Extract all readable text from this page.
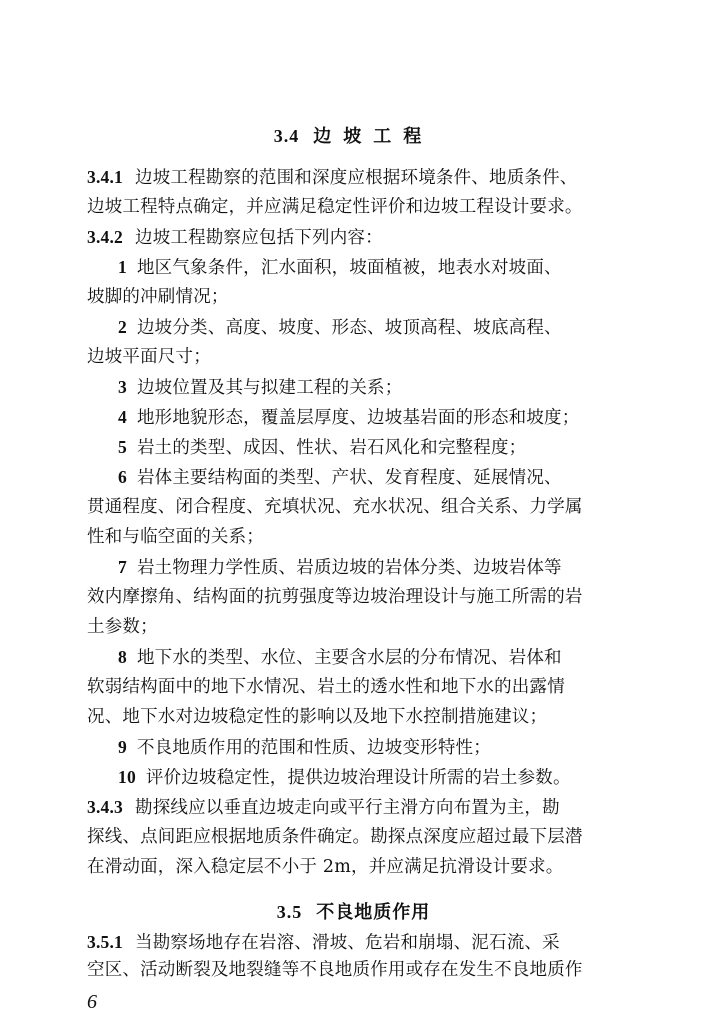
3.4 边坡工程
3.4.1 边坡工程勘察的范围和深度应根据环境条件、地质条件、
边坡工程特点确定，并应满足稳定性评价和边坡工程设计要求。
3.4.2 边坡工程勘察应包括下列内容：
1 地区气象条件，汇水面积，坡面植被，地表水对坡面、
坡脚的冲刷情况；
2 边坡分类、高度、坡度、形态、坡顶高程、坡底高程、
边坡平面尺寸；
3 边坡位置及其与拟建工程的关系；
4 地形地貌形态，覆盖层厚度、边坡基岩面的形态和坡度；
5 岩土的类型、成因、性状、岩石风化和完整程度；
6 岩体主要结构面的类型、产状、发育程度、延展情况、
贯通程度、闭合程度、充填状况、充水状况、组合关系、力学属
性和与临空面的关系；
7 岩土物理力学性质、岩质边坡的岩体分类、边坡岩体等
效内摩擦角、结构面的抗剪强度等边坡治理设计与施工所需的岩
土参数；
8 地下水的类型、水位、主要含水层的分布情况、岩体和
软弱结构面中的地下水情况、岩土的透水性和地下水的出露情
况、地下水对边坡稳定性的影响以及地下水控制措施建议；
9 不良地质作用的范围和性质、边坡变形特性；
10 评价边坡稳定性，提供边坡治理设计所需的岩土参数。
3.4.3 勘探线应以垂直边坡走向或平行主滑方向布置为主，勘
探线、点间距应根据地质条件确定。勘探点深度应超过最下层潜
在滑动面，深入稳定层不小于 2m，并应满足抗滑设计要求。
3.5 不良地质作用
3.5.1 当勘察场地存在岩溶、滑坡、危岩和崩塌、泥石流、采
空区、活动断裂及地裂缝等不良地质作用或存在发生不良地质作
6
